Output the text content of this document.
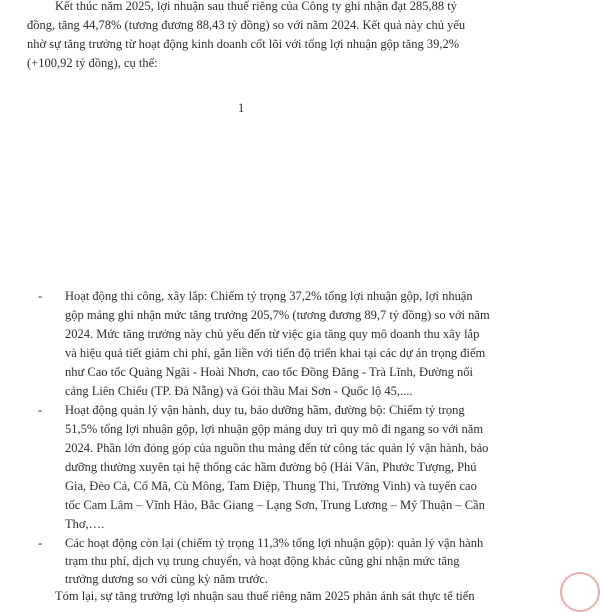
Kết thúc năm 2025, lợi nhuận sau thuế riêng của Công ty ghi nhận đạt 285,88 tỷ
đồng, tăng 44,78% (tương đương 88,43 tỷ đồng) so với năm 2024. Kết quả này chủ yếu
nhờ sự tăng trưởng từ hoạt động kinh doanh cốt lõi với tổng lợi nhuận gộp tăng 39,2%
(+100,92 tỷ đồng), cụ thể:
1
- Hoạt động thi công, xây lắp: Chiếm tỷ trọng 37,2% tổng lợi nhuận gộp, lợi nhuận
gộp mảng ghi nhận mức tăng trưởng 205,7% (tương đương 89,7 tỷ đồng) so với năm
2024. Mức tăng trưởng này chủ yếu đến từ việc gia tăng quy mô doanh thu xây lắp
và hiệu quả tiết giảm chi phí, gắn liền với tiến độ triển khai tại các dự án trọng điểm
như Cao tốc Quảng Ngãi - Hoài Nhơn, cao tốc Đồng Đăng - Trà Lĩnh, Đường nối
cảng Liên Chiểu (TP. Đà Nẵng) và Gói thầu Mai Sơn - Quốc lộ 45,....
- Hoạt động quản lý vận hành, duy tu, bảo dưỡng hầm, đường bộ: Chiếm tỷ trọng
51,5% tổng lợi nhuận gộp, lợi nhuận gộp mảng duy trì quy mô đi ngang so với năm
2024. Phần lớn đóng góp của nguồn thu mảng đến từ công tác quản lý vận hành, bảo
dưỡng thường xuyên tại hệ thống các hầm đường bộ (Hải Vân, Phước Tượng, Phú
Gia, Đèo Cả, Cổ Mã, Cù Mông, Tam Điệp, Thung Thi, Trường Vinh) và tuyến cao
tốc Cam Lâm – Vĩnh Hảo, Bắc Giang – Lạng Sơn, Trung Lương – Mỹ Thuận – Cần
Thơ,….
- Các hoạt động còn lại (chiếm tỷ trọng 11,3% tổng lợi nhuận gộp): quản lý vận hành
trạm thu phí, dịch vụ trung chuyển, và hoạt động khác cũng ghi nhận mức tăng
trưởng dương so với cùng kỳ năm trước.
Tóm lại, sự tăng trưởng lợi nhuận sau thuế riêng năm 2025 phản ánh sát thực tế tiến
